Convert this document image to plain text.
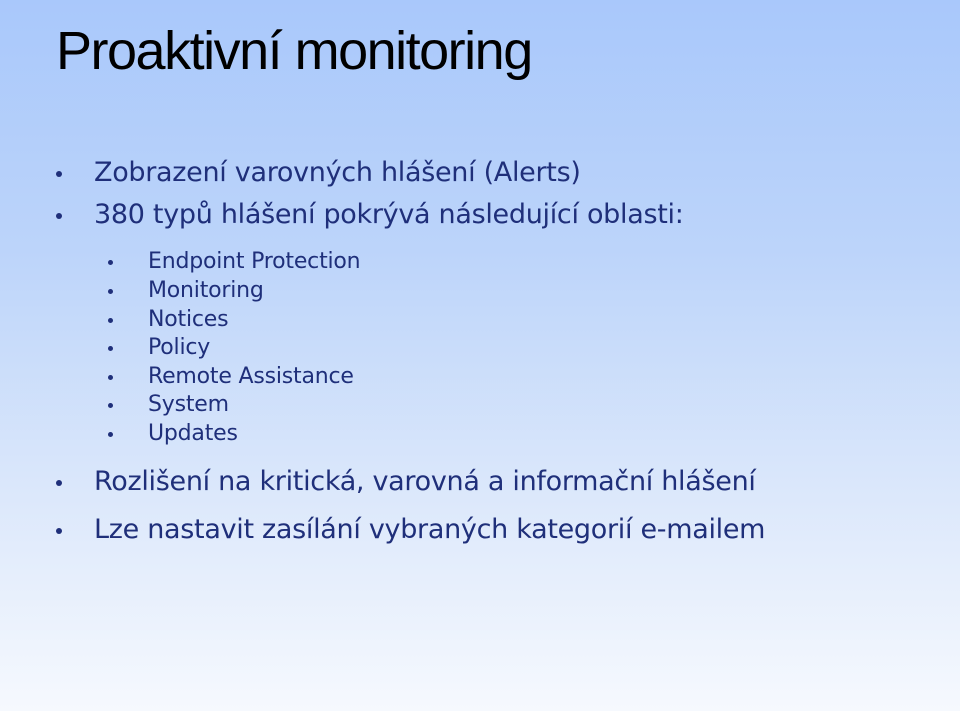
Proaktivní monitoring
Zobrazení varovných hlášení (Alerts)
380 typů hlášení pokrývá následující oblasti:
Endpoint Protection
Monitoring
Notices
Policy
Remote Assistance
System
Updates
Rozlišení na kritická, varovná a informační hlášení
Lze nastavit zasílání vybraných kategorií e-mailem
